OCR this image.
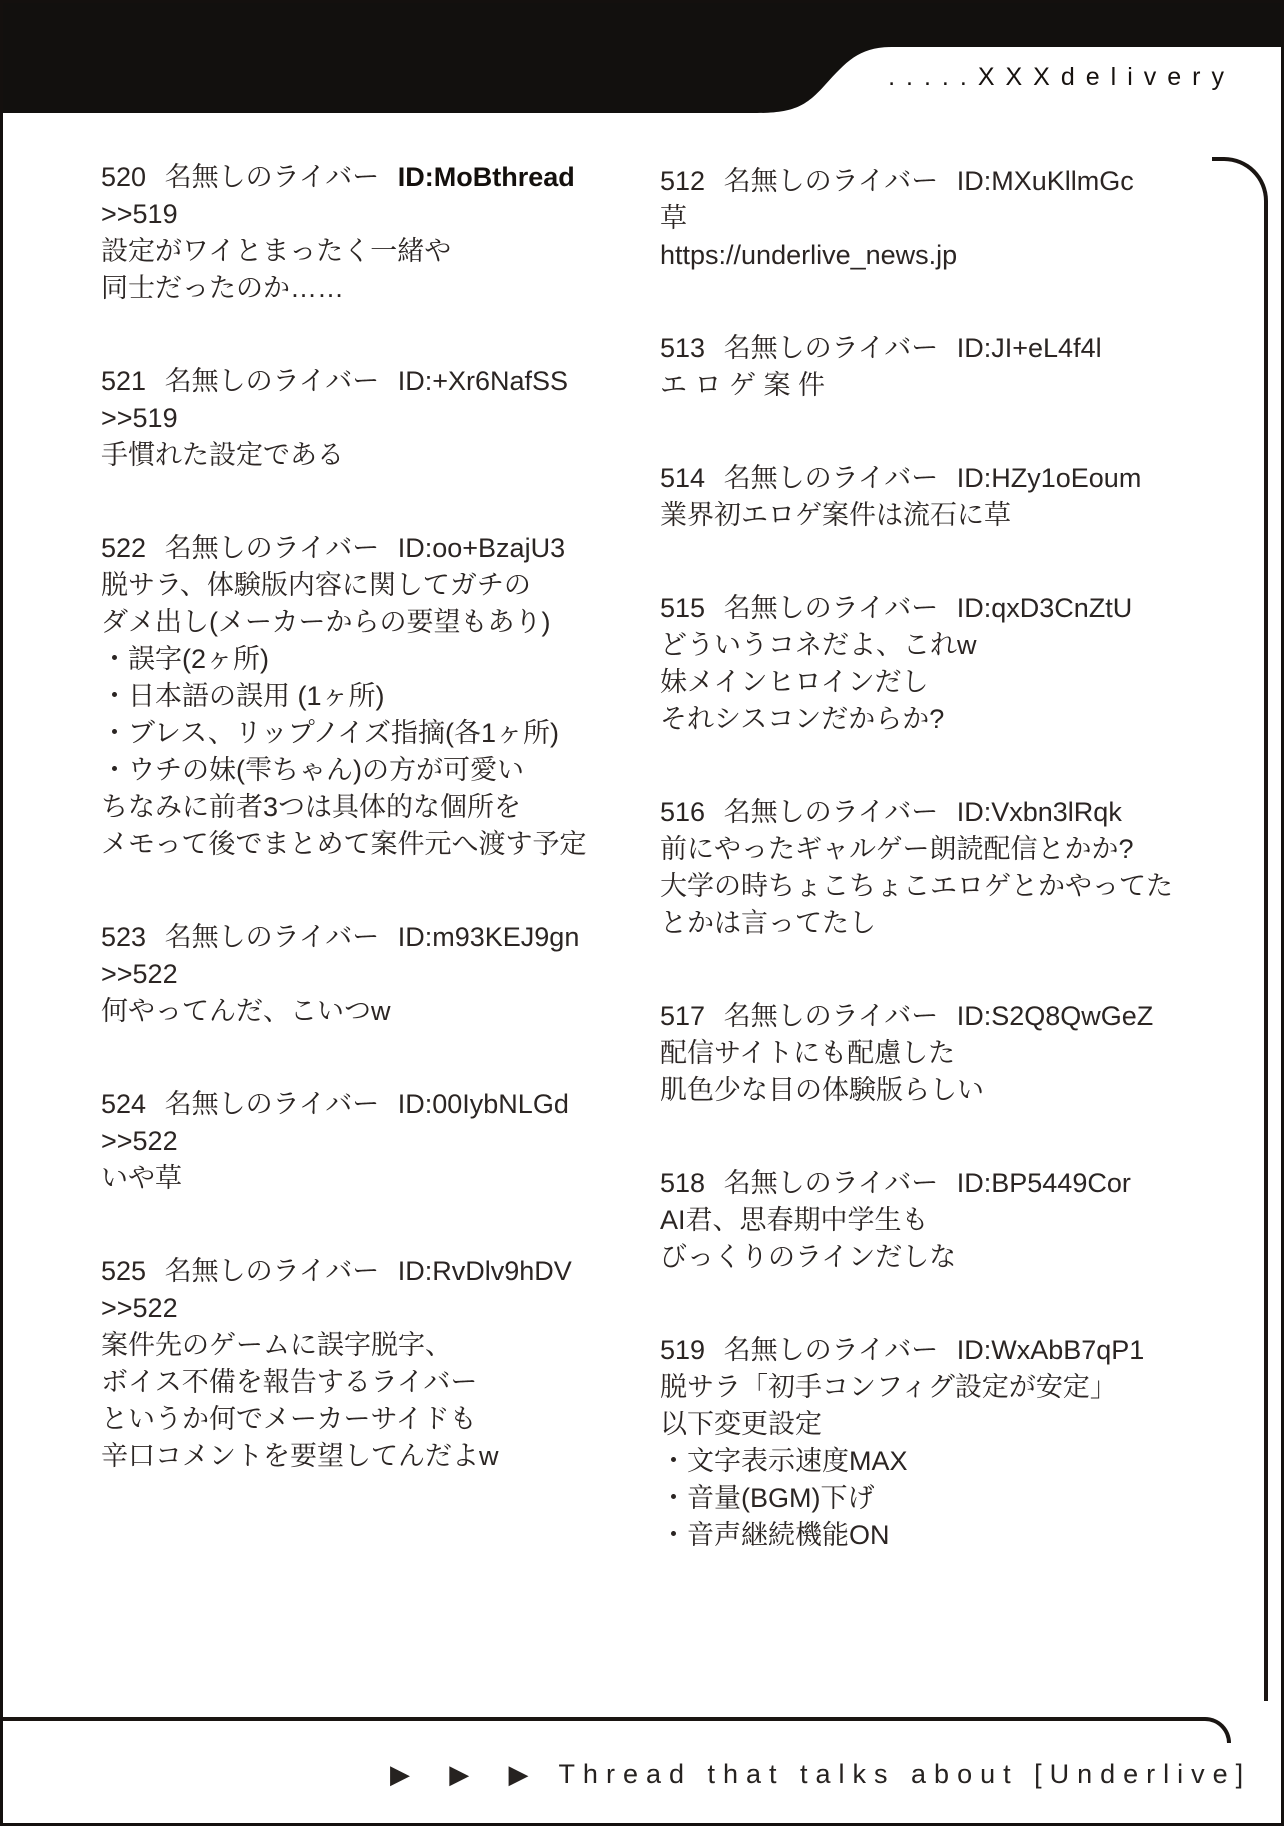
.....XXXdelivery
520 名無しのライバー ID:MoBthread
>>519
設定がワイとまったく一緒や
同士だったのか……
521 名無しのライバー ID:+Xr6NafSS
>>519
手慣れた設定である
522 名無しのライバー ID:oo+BzajU3
脱サラ、体験版内容に関してガチの
ダメ出し(メーカーからの要望もあり)
・誤字(2ヶ所)
・日本語の誤用 (1ヶ所)
・ブレス、リップノイズ指摘(各1ヶ所)
・ウチの妹(雫ちゃん)の方が可愛い
ちなみに前者3つは具体的な個所を
メモって後でまとめて案件元へ渡す予定
523 名無しのライバー ID:m93KEJ9gn
>>522
何やってんだ、こいつw
524 名無しのライバー ID:00IybNLGd
>>522
いや草
525 名無しのライバー ID:RvDlv9hDV
>>522
案件先のゲームに誤字脱字、
ボイス不備を報告するライバー
というか何でメーカーサイドも
辛口コメントを要望してんだよw
512 名無しのライバー ID:MXuKllmGc
草
https://underlive_news.jp
513 名無しのライバー ID:JI+eL4f4l
エ ロ ゲ 案 件
514 名無しのライバー ID:HZy1oEoum
業界初エロゲ案件は流石に草
515 名無しのライバー ID:qxD3CnZtU
どういうコネだよ、これw
妹メインヒロインだし
それシスコンだからか?
516 名無しのライバー ID:Vxbn3lRqk
前にやったギャルゲー朗読配信とかか?
大学の時ちょこちょこエロゲとかやってた
とかは言ってたし
517 名無しのライバー ID:S2Q8QwGeZ
配信サイトにも配慮した
肌色少な目の体験版らしい
518 名無しのライバー ID:BP5449Cor
AI君、思春期中学生も
びっくりのラインだしな
519 名無しのライバー ID:WxAbB7qP1
脱サラ「初手コンフィグ設定が安定」
以下変更設定
・文字表示速度MAX
・音量(BGM)下げ
・音声継続機能ON
▶ ▶ ▶ Thread that talks about [Underlive]
